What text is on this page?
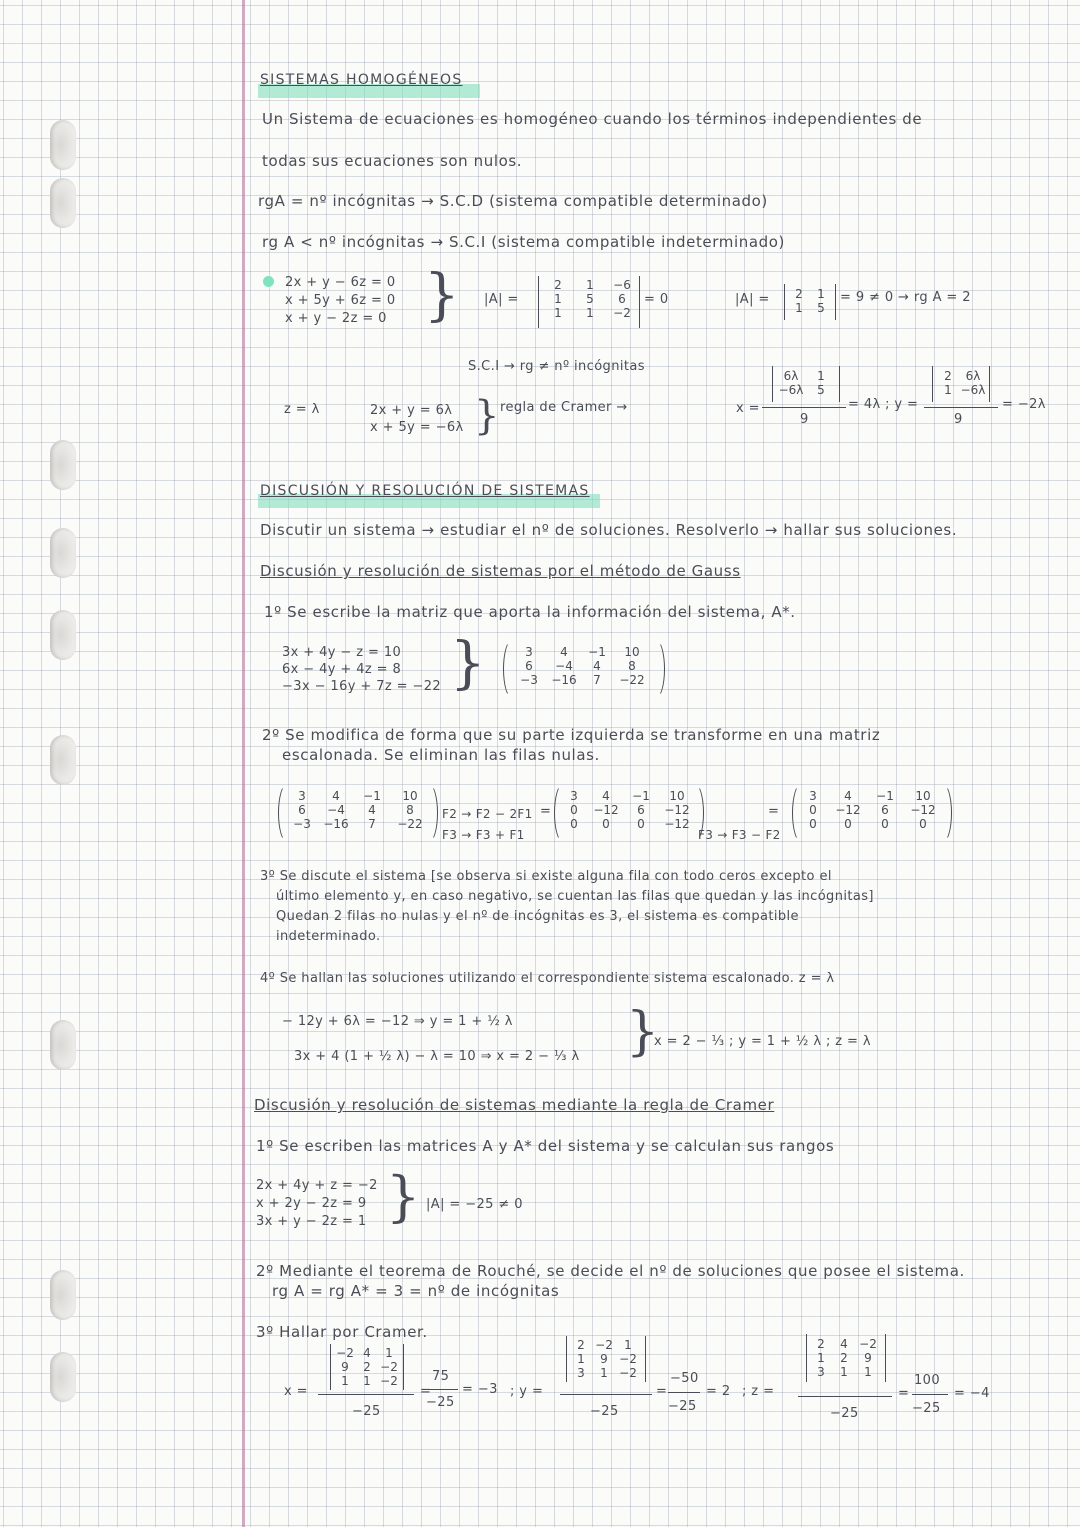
SISTEMAS HOMOGÉNEOS
Un Sistema de ecuaciones es homogéneo cuando los términos independientes de
todas sus ecuaciones son nulos.
rgA = nº incógnitas → S.C.D (sistema compatible determinado)
rg A < nº incógnitas → S.C.I (sistema compatible indeterminado)
2x + y − 6z = 0
x + 5y + 6z = 0
x + y − 2z = 0 } |A| =
2	1	−6
1	5	6
1	1	−2
= 0	|A| =	2	1
1	5
= 9 ≠ 0 → rg A = 2
S.C.I → rg ≠ nº incógnitas
z = λ	2x + y = 6λ
x + 5y = −6λ } regla de Cramer →	x =
6λ	1
−6λ	5
9
= 4λ ; y =
2	6λ
1 −6λ
9
= −2λ
DISCUSIÓN Y RESOLUCIÓN DE SISTEMAS
Discutir un sistema → estudiar el nº de soluciones. Resolverlo → hallar sus soluciones.
Discusión y resolución de sistemas por el método de Gauss
1º Se escribe la matriz que aporta la información del sistema, A*.
3x + 4y − z = 10
6x − 4y + 4z = 8
−3x − 16y + 7z = −22 }	3	4	−1	10
6	−4	4	8
−3	−16	7	−22
2º Se modifica de forma que su parte izquierda se transforme en una matriz
escalonada. Se eliminan las filas nulas.
3	4	−1	10
6	−4	4	8
−3	−16	7	−22
F2 → F2 − 2F1
F3 → F3 + F1
=
3	4	−1	10
0	−12	6	−12
0	0	0	−12
F3 → F3 − F2
=
3	4	−1	10
0	−12	6	−12
0	0	0	0
3º Se discute el sistema [se observa si existe alguna fila con todo ceros excepto el
último elemento y, en caso negativo, se cuentan las filas que quedan y las incógnitas]
Quedan 2 filas no nulas y el nº de incógnitas es 3, el sistema es compatible
indeterminado.
4º Se hallan las soluciones utilizando el correspondiente sistema escalonado. z = λ
− 12y + 6λ = −12 ⇒ y = 1 + ½ λ
3x + 4 (1 + ½ λ) − λ = 10 ⇒ x = 2 − ⅓ λ }
x = 2 − ⅓ ; y = 1 + ½ λ ; z = λ
Discusión y resolución de sistemas mediante la regla de Cramer
1º Se escriben las matrices A y A* del sistema y se calculan sus rangos
2x + 4y + z = −2
x + 2y − 2z = 9
3x + y − 2z = 1 } |A| = −25 ≠ 0
2º Mediante el teorema de Rouché, se decide el nº de soluciones que posee el sistema.
rg A = rg A* = 3 = nº de incógnitas
3º Hallar por Cramer.
x =
−2 4	1
9	2 −2
1	1 −2
−25
=
75
−25
= −3 ; y =
2 −2 1
1	9 −2
3	1 −2
−25
=
−50
−25
= 2 ; z =
2	4 −2
1	2	9
3	1	1
−25
=
100
−25
= −4
